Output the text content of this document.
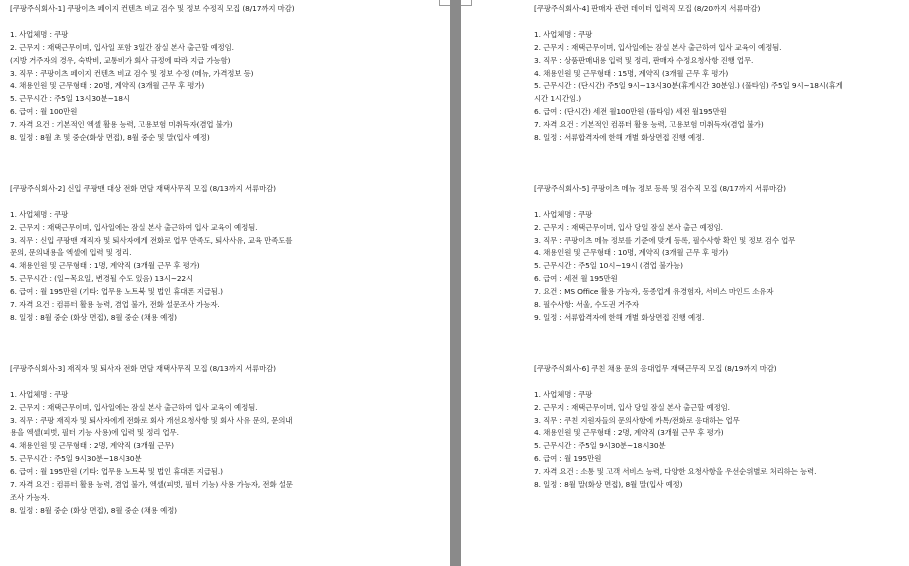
[쿠팡주식회사-1] 쿠팡이츠 페이지 컨텐츠 비교 검수 및 정보 수정직 모집 (8/17까지 마감)
1. 사업체명 : 쿠팡
2. 근무지 : 재택근무이며, 입사일 포함 3일간 잠실 본사 출근할 예정임.
(지방 거주자의 경우, 숙박비, 교통비가 회사 규정에 따라 지급 가능함)
3. 직무 : 쿠팡이츠 페이지 컨텐츠 비교 검수 및 정보 수정 (메뉴, 가격정보 등)
4. 채용인원 및 근무형태 : 20명, 계약직 (3개월 근무 후 평가)
5. 근무시간 : 주5일 13시30분~18시
6. 급여 : 월 100만원
7. 자격 요건 : 기본적인 엑셀 활용 능력, 고용보험 미취득자(겸업 불가)
8. 일정 : 8월 초 및 중순(화상 면접), 8월 중순 및 말(입사 예정)
[쿠팡주식회사-2] 신입 쿠팡맨 대상 전화 면담 재택사무직 모집 (8/13까지 서류마감)
1. 사업체명 : 쿠팡
2. 근무지 : 재택근무이며, 입사일에는 잠실 본사 출근하여 입사 교육이 예정됨.
3. 직무 : 신입 쿠팡맨 재직자 및 퇴사자에게 전화로 업무 만족도, 퇴사사유, 교육 만족도를
문의, 문의내용을 엑셀에 입력 및 정리.
4. 채용인원 및 근무형태 : 1명, 계약직 (3개월 근무 후 평가)
5. 근무시간 : (일~목요일, 변경될 수도 있음) 13시~22시
6. 급여 : 월 195만원 (기타: 업무용 노트북 및 법인 휴대폰 지급됨.)
7. 자격 요건 : 컴퓨터 활용 능력, 겸업 불가, 전화 설문조사 가능자.
8. 일정 : 8월 중순 (화상 면접), 8월 중순 (채용 예정)
[쿠팡주식회사-3] 재직자 및 퇴사자 전화 면담 재택사무직 모집 (8/13까지 서류마감)
1. 사업체명 : 쿠팡
2. 근무지 : 재택근무이며, 입사일에는 잠실 본사 출근하여 입사 교육이 예정됨.
3. 직무 : 쿠팡 재직자 및 퇴사자에게 전화로 회사 개선요청사항 및 회사 사유 문의, 문의내
용을 엑셀(피벗, 필터 기능 사용)에 입력 및 정리 업무.
4. 채용인원 및 근무형태 : 2명, 계약직 (3개월 근무)
5. 근무시간 : 주5일 9시30분~18시30분
6. 급여 : 월 195만원 (기타: 업무용 노트북 및 법인 휴대폰 지급됨.)
7. 자격 요건 : 컴퓨터 활용 능력, 겸업 불가, 엑셀(피벗, 필터 기능) 사용 가능자, 전화 설문
조사 가능자.
8. 일정 : 8월 중순 (화상 면접), 8월 중순 (채용 예정)
[쿠팡주식회사-4] 판매자 관련 데이터 입력직 모집 (8/20까지 서류마감)
1. 사업체명 : 쿠팡
2. 근무지 : 재택근무이며, 입사일에는 잠실 본사 출근하여 입사 교육이 예정됨.
3. 직무 : 상품판매내용 입력 및 정리, 판매자 수정요청사항 진행 업무.
4. 채용인원 및 근무형태 : 15명, 계약직 (3개월 근무 후 평가)
5. 근무시간 : (단시간) 주5일 9시~13시30분(휴게시간 30분임.) (풀타임) 주5일 9시~18시(휴게
시간 1시간임.)
6. 급여 : (단시간) 세전 월100만원 (풀타임) 세전 월195만원
7. 자격 요건 : 기본적인 컴퓨터 활용 능력, 고용보험 미취득자(겸업 불가)
8. 일정 : 서류합격자에 한해 개별 화상면접 진행 예정.
[쿠팡주식회사-5] 쿠팡이츠 메뉴 정보 등록 및 검수직 모집 (8/17까지 서류마감)
1. 사업체명 : 쿠팡
2. 근무지 : 재택근무이며, 입사 당일 잠실 본사 출근 예정임.
3. 직무 : 쿠팡이츠 메뉴 정보를 기준에 맞게 등록, 필수사항 확인 및 정보 검수 업무
4. 채용인원 및 근무형태 : 10명, 계약직 (3개월 근무 후 평가)
5. 근무시간 : 주5일 10시~19시 (겸업 불가능)
6. 급여 : 세전 월 195만원
7. 요건 : MS Office 활용 가능자, 동종업계 유경험자, 서비스 마인드 소유자
8. 필수사항: 서울, 수도권 거주자
9. 일정 : 서류합격자에 한해 개별 화상면접 진행 예정.
[쿠팡주식회사-6] 쿠친 채용 문의 응대업무 재택근무직 모집 (8/19까지 마감)
1. 사업체명 : 쿠팡
2. 근무지 : 재택근무이며, 입사 당일 잠실 본사 출근할 예정임.
3. 직무 : 쿠친 지원자들의 문의사항에 카톡/전화로 응대하는 업무
4. 채용인원 및 근무형태 : 2명, 계약직 (3개월 근무 후 평가)
5. 근무시간 : 주5일 9시30분~18시30분
6. 급여 : 월 195만원
7. 자격 요건 : 소통 및 고객 서비스 능력, 다양한 요청사항을 우선순위별로 처리하는 능력.
8. 일정 : 8월 말(화상 면접), 8월 말(입사 예정)
